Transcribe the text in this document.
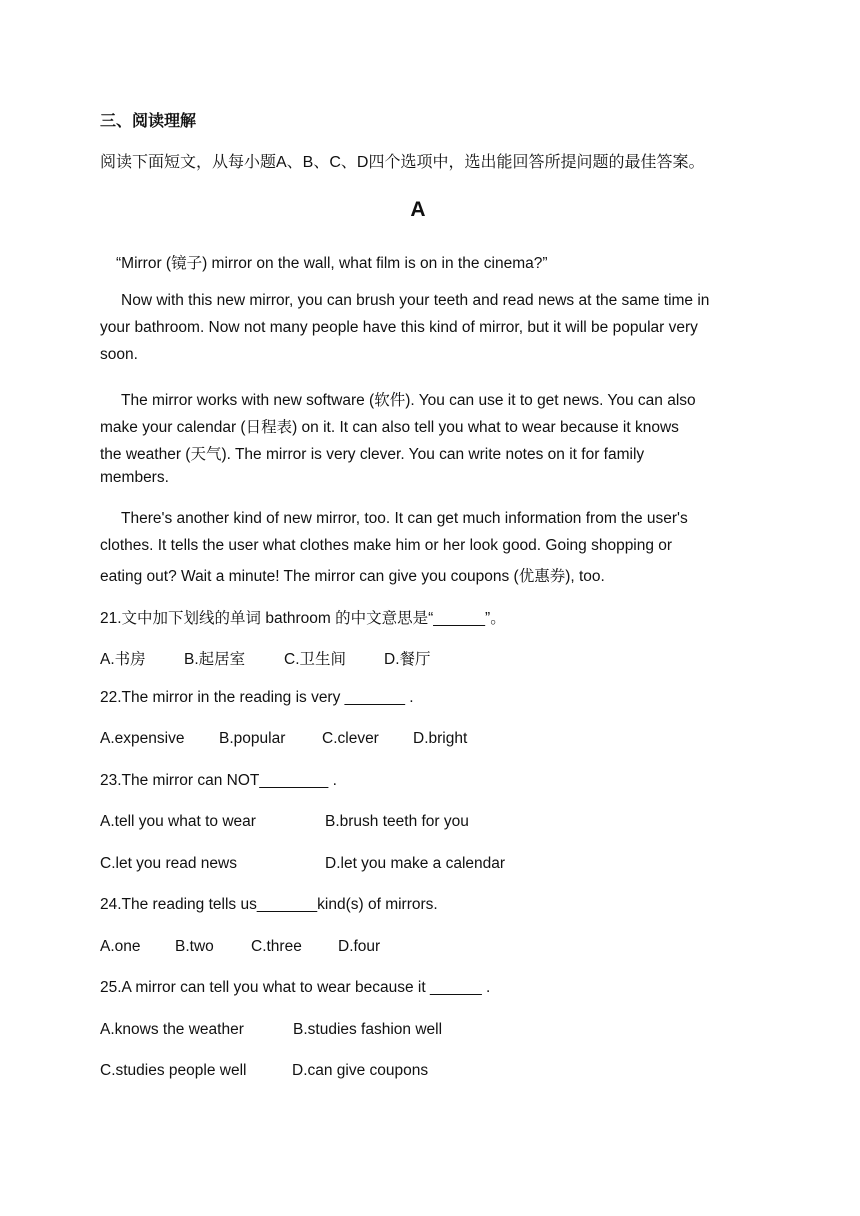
三、阅读理解
阅读下面短文，从每小题A、B、C、D四个选项中，选出能回答所提问题的最佳答案。
A
“Mirror (镜子) mirror on the wall, what film is on in the cinema?”
Now with this new mirror, you can brush your teeth and read news at the same time in
your bathroom. Now not many people have this kind of mirror, but it will be popular very
soon.
The mirror works with new software (软件). You can use it to get news. You can also
make your calendar (日程表) on it. It can also tell you what to wear because it knows
the weather (天气). The mirror is very clever. You can write notes on it for family
members.
There's another kind of new mirror, too. It can get much information from the user's
clothes. It tells the user what clothes make him or her look good. Going shopping or
eating out? Wait a minute! The mirror can give you coupons (优惠券), too.
21.文中加下划线的单词 bathroom 的中文意思是“______”。
A.书房 B.起居室	C.卫生间 D.餐厅
22.The mirror in the reading is very _______ .
A.expensive B.popular C.clever D.bright
23.The mirror can NOT________ .
A.tell you what to wear	B.brush teeth for you
C.let you read news	D.let you make a calendar
24.The reading tells us_______kind(s) of mirrors.
A.one B.two C.three D.four
25.A mirror can tell you what to wear because it ______ .
A.knows the weather	B.studies fashion well
C.studies people well	D.can give coupons
